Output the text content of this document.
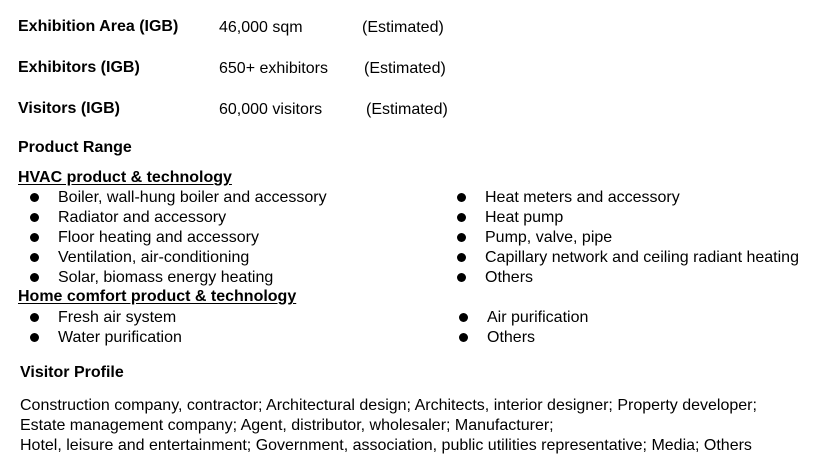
Exhibition Area (IGB)	46,000 sqm	(Estimated)
Exhibitors (IGB)	650+ exhibitors (Estimated)
Visitors (IGB)	60,000 visitors	(Estimated)
Product Range
HVAC product & technology
Boiler, wall-hung boiler and accessory
Radiator and accessory
Floor heating and accessory
Ventilation, air-conditioning
Solar, biomass energy heating
Heat meters and accessory
Heat pump
Pump, valve, pipe
Capillary network and ceiling radiant heating
Others
Home comfort product & technology
Fresh air system
Water purification
Air purification
Others
Visitor Profile
Construction company, contractor; Architectural design; Architects, interior designer; Property developer;
Estate management company; Agent, distributor, wholesaler; Manufacturer;
Hotel, leisure and entertainment; Government, association, public utilities representative; Media; Others
